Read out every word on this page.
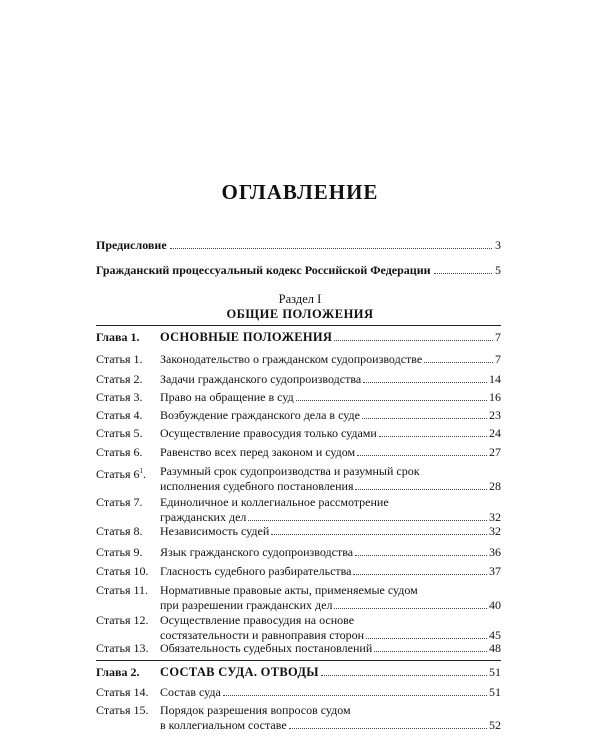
ОГЛАВЛЕНИЕ
Предисловие	3
Гражданский процессуальный кодекс Российской Федерации	5
Раздел I
ОБЩИЕ ПОЛОЖЕНИЯ
Глава 1.	ОСНОВНЫЕ ПОЛОЖЕНИЯ	7
Статья 1.	Законодательство о гражданском судопроизводстве	7
Статья 2.	Задачи гражданского судопроизводства	14
Статья 3.	Право на обращение в суд	16
Статья 4.	Возбуждение гражданского дела в суде	23
Статья 5.	Осуществление правосудия только судами	24
Статья 6.	Равенство всех перед законом и судом	27
Статья $6^1$.	Разумный срок судопроизводства и разумный срок
исполнения судебного постановления	28
Статья 7.	Единоличное и коллегиальное рассмотрение
гражданских дел	32
Статья 8.	Независимость судей	32
Статья 9.	Язык гражданского судопроизводства	36
Статья 10. Гласность судебного разбирательства	37
Статья 11. Нормативные правовые акты, применяемые судом
при разрешении гражданских дел	40
Статья 12. Осуществление правосудия на основе
состязательности и равноправия сторон	45
Статья 13. Обязательность судебных постановлений	48
Глава 2.	СОСТАВ СУДА. ОТВОДЫ	51
Статья 14. Состав суда	51
Статья 15. Порядок разрешения вопросов судом
в коллегиальном составе	52
